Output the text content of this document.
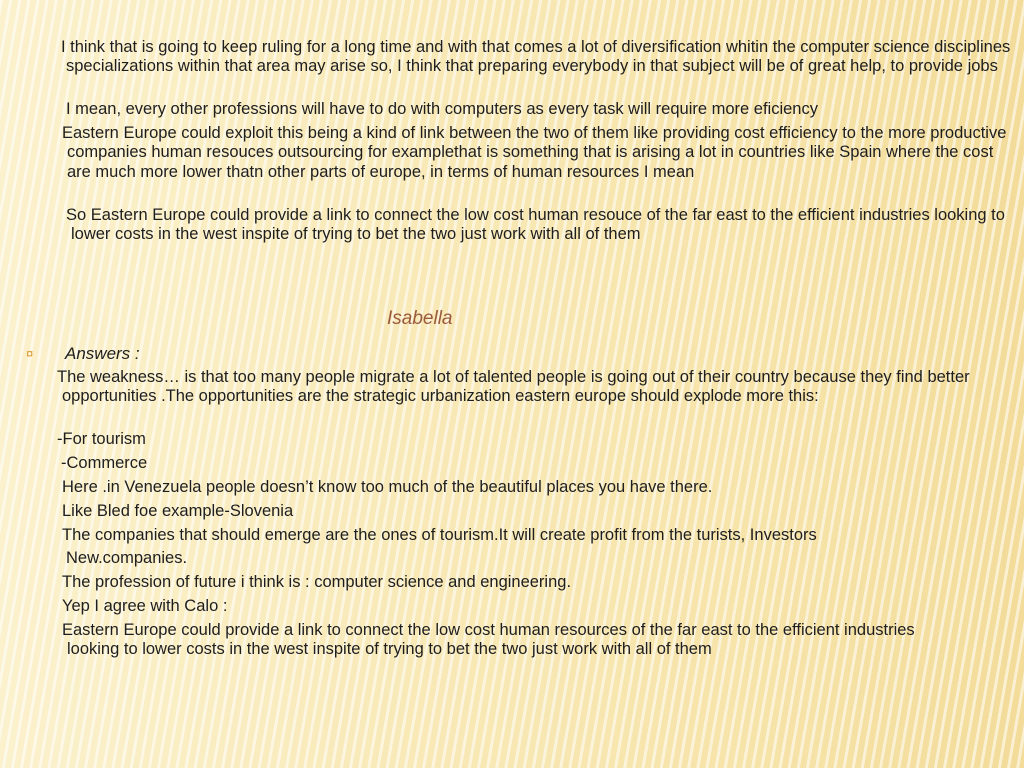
I think that is going to keep ruling for a long time and with that comes a lot of diversification whitin the computer science disciplines specializations within that area may arise so, I think that preparing everybody in that subject will be of great help, to provide jobs

I mean, every other professions will have to do with computers as every task will require more eficiency

Eastern Europe could exploit this being a kind of link between the two of them like providing cost efficiency to the more productive companies human resouces outsourcing for examplethat is something that is arising a lot in countries like Spain where the cost are much more lower thatn other parts of europe, in terms of human resources I mean

So Eastern Europe could provide a link to connect the low cost human resouce of the far east to the efficient industries looking to lower costs in the west inspite of trying to bet the two just work with all of them

Isabella

¤ Answers :

The weakness… is that too many people migrate a lot of talented people is going out of their country because they find better opportunities .The opportunities are the strategic urbanization eastern europe should explode more this:

-For tourism

-Commerce

Here .in Venezuela people doesn’t know too much of the beautiful places you have there.

Like Bled foe example-Slovenia

The companies that should emerge are the ones of tourism.It will create profit from the turists, Investors

New.companies.

The profession of future i think is : computer science and engineering.

Yep I agree with Calo :

Eastern Europe could provide a link to connect the low cost human resources of the far east to the efficient industries looking to lower costs in the west inspite of trying to bet the two just work with all of them
